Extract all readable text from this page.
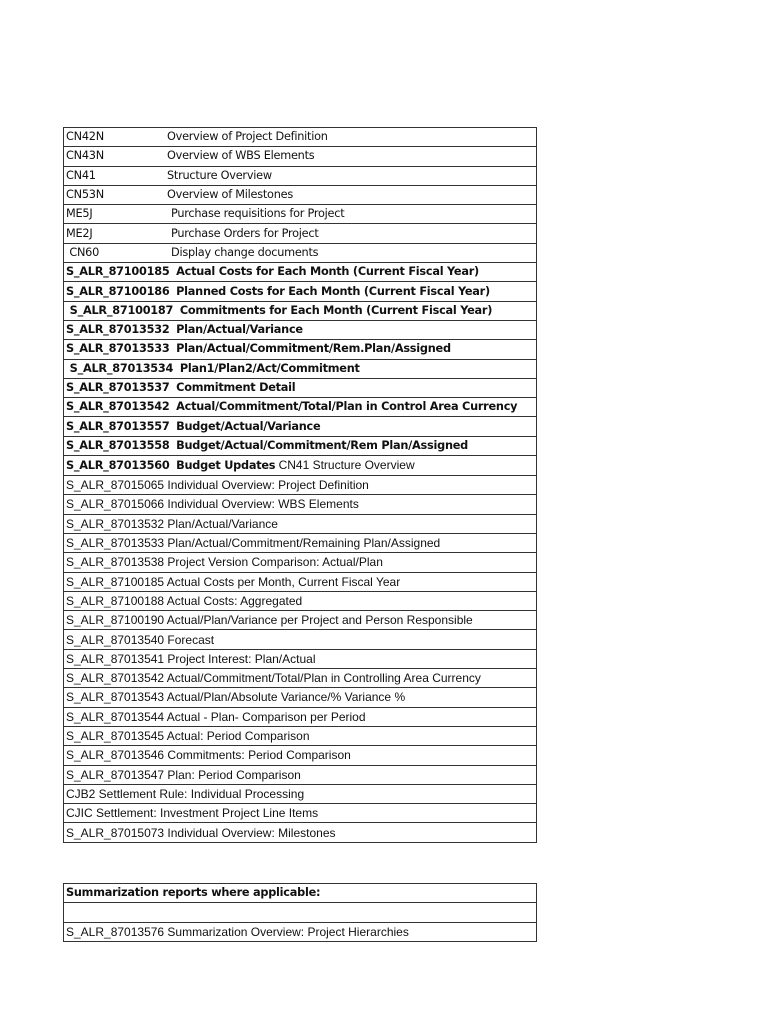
CN42N	Overview of Project Definition
CN43N	Overview of WBS Elements
CN41	Structure Overview
CN53N	Overview of Milestones
ME5J	Purchase requisitions for Project
ME2J	Purchase Orders for Project
CN60	Display change documents
S_ALR_87100185 Actual Costs for Each Month (Current Fiscal Year)
S_ALR_87100186 Planned Costs for Each Month (Current Fiscal Year)
S_ALR_87100187 Commitments for Each Month (Current Fiscal Year)
S_ALR_87013532 Plan/Actual/Variance
S_ALR_87013533 Plan/Actual/Commitment/Rem.Plan/Assigned
S_ALR_87013534 Plan1/Plan2/Act/Commitment
S_ALR_87013537 Commitment Detail
S_ALR_87013542 Actual/Commitment/Total/Plan in Control Area Currency
S_ALR_87013557 Budget/Actual/Variance
S_ALR_87013558 Budget/Actual/Commitment/Rem Plan/Assigned
S_ALR_87013560 Budget Updates CN41 Structure Overview
S_ALR_87015065 Individual Overview: Project Definition
S_ALR_87015066 Individual Overview: WBS Elements
S_ALR_87013532 Plan/Actual/Variance
S_ALR_87013533 Plan/Actual/Commitment/Remaining Plan/Assigned
S_ALR_87013538 Project Version Comparison: Actual/Plan
S_ALR_87100185 Actual Costs per Month, Current Fiscal Year
S_ALR_87100188 Actual Costs: Aggregated
S_ALR_87100190 Actual/Plan/Variance per Project and Person Responsible
S_ALR_87013540 Forecast
S_ALR_87013541 Project Interest: Plan/Actual
S_ALR_87013542 Actual/Commitment/Total/Plan in Controlling Area Currency
S_ALR_87013543 Actual/Plan/Absolute Variance/% Variance %
S_ALR_87013544 Actual - Plan- Comparison per Period
S_ALR_87013545 Actual: Period Comparison
S_ALR_87013546 Commitments: Period Comparison
S_ALR_87013547 Plan: Period Comparison
CJB2 Settlement Rule: Individual Processing
CJIC Settlement: Investment Project Line Items
S_ALR_87015073 Individual Overview: Milestones
Summarization reports where applicable:

S_ALR_87013576 Summarization Overview: Project Hierarchies
